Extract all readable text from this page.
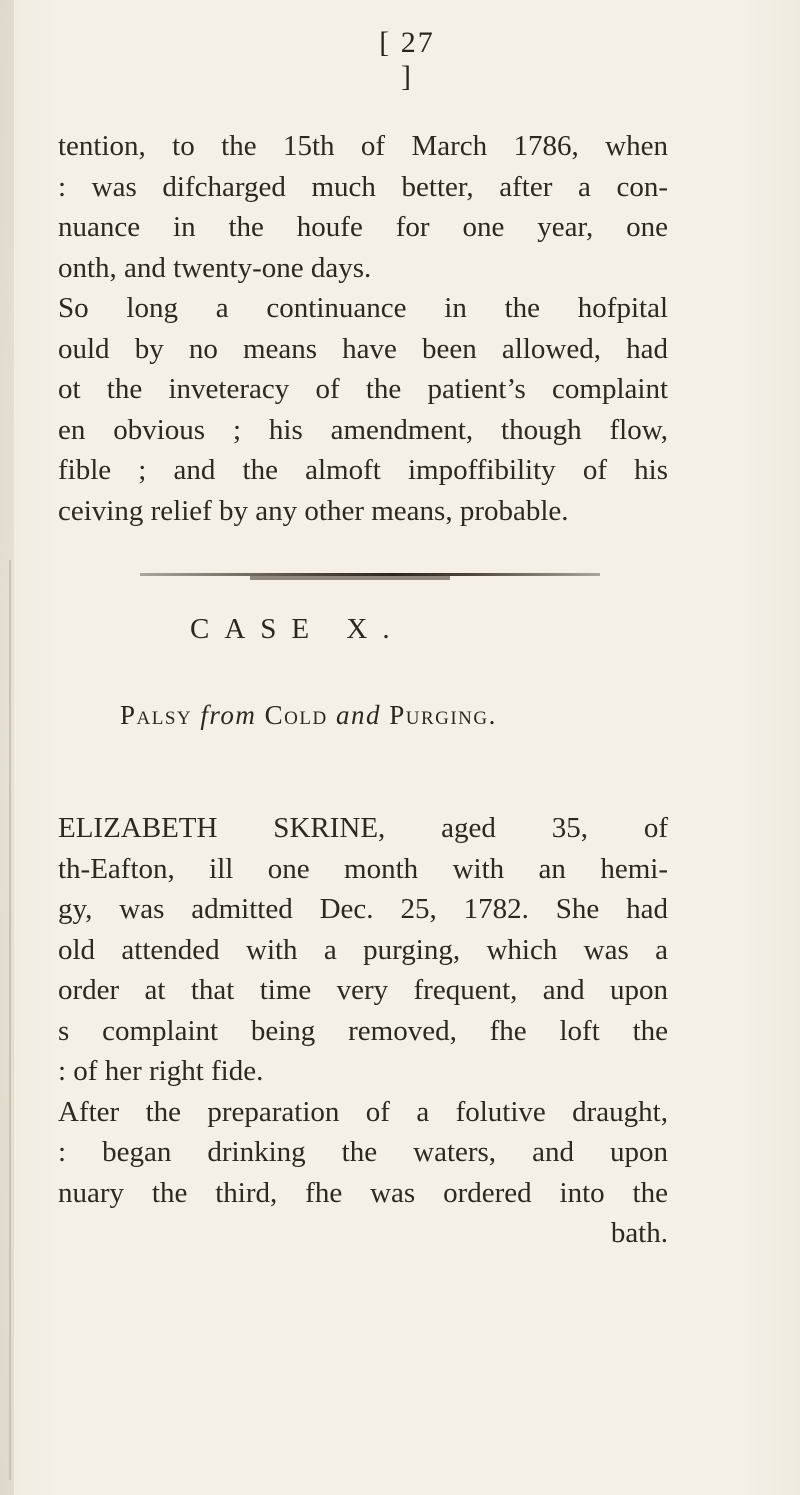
[ 27 ]
tention, to the 15th of March 1786, when
: was difcharged much better, after a con-
nuance in the houfe for one year, one
onth, and twenty-one days.
So long a continuance in the hofpital
ould by no means have been allowed, had
ot the inveteracy of the patient’s complaint
en obvious ; his amendment, though flow,
fible ; and the almoft impoffibility of his
ceiving relief by any other means, probable.
CASE X.
Palsy from Cold and Purging.
ELIZABETH SKRINE, aged 35, of
th-Eafton, ill one month with an hemi-
gy, was admitted Dec. 25, 1782. She had
old attended with a purging, which was a
order at that time very frequent, and upon
s complaint being removed, fhe loft the
: of her right fide.
After the preparation of a folutive draught,
: began drinking the waters, and upon
nuary the third, fhe was ordered into the
bath.
